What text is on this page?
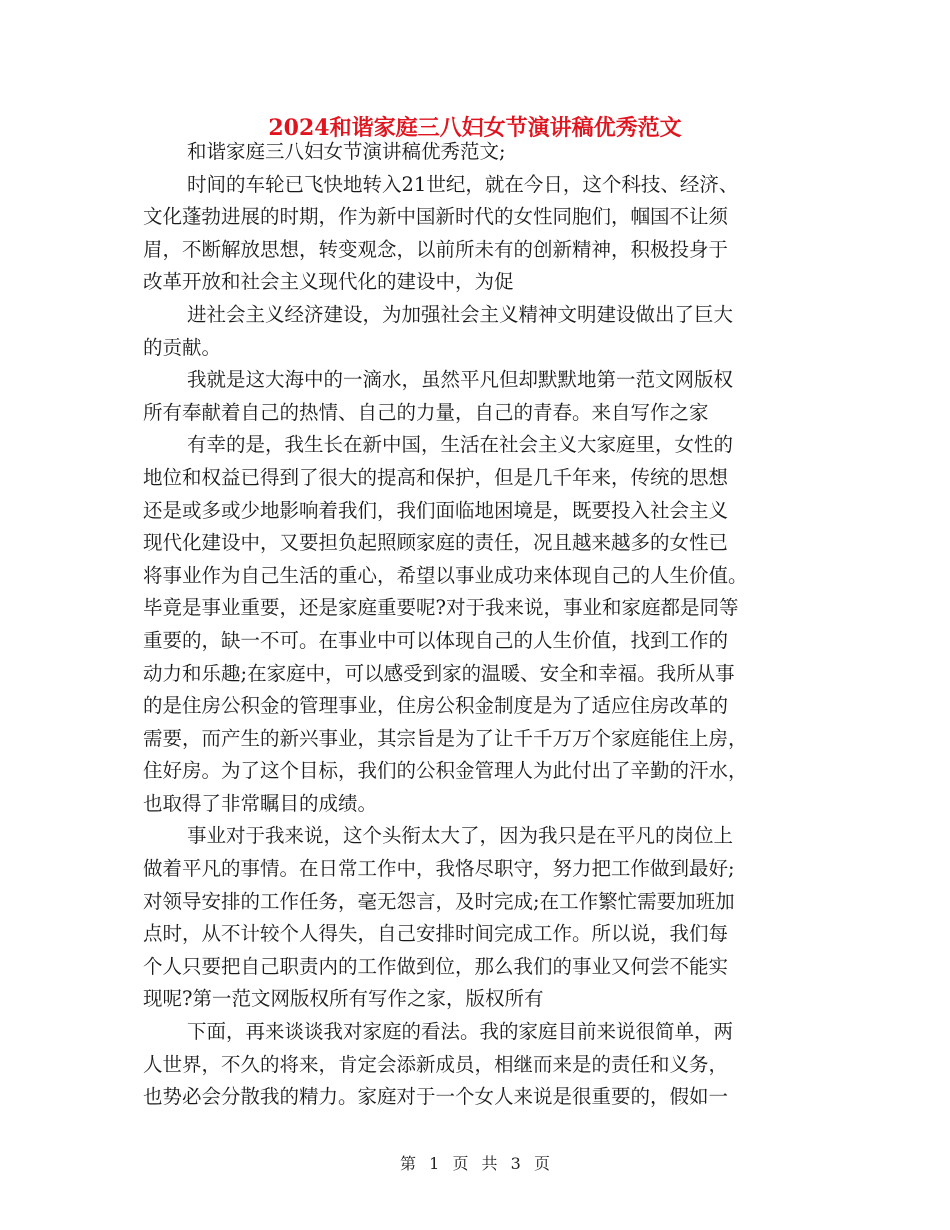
2024和谐家庭三八妇女节演讲稿优秀范文
和谐家庭三八妇女节演讲稿优秀范文;
时间的车轮已飞快地转入21世纪，就在今日，这个科技、经济、
文化蓬勃进展的时期，作为新中国新时代的女性同胞们，帼国不让须
眉，不断解放思想，转变观念，以前所未有的创新精神，积极投身于
改革开放和社会主义现代化的建设中，为促
进社会主义经济建设，为加强社会主义精神文明建设做出了巨大
的贡献。
我就是这大海中的一滴水，虽然平凡但却默默地第一范文网版权
所有奉献着自己的热情、自己的力量，自己的青春。来自写作之家
有幸的是，我生长在新中国，生活在社会主义大家庭里，女性的
地位和权益已得到了很大的提高和保护，但是几千年来，传统的思想
还是或多或少地影响着我们，我们面临地困境是，既要投入社会主义
现代化建设中，又要担负起照顾家庭的责任，况且越来越多的女性已
将事业作为自己生活的重心，希望以事业成功来体现自己的人生价值。
毕竟是事业重要，还是家庭重要呢?对于我来说，事业和家庭都是同等
重要的，缺一不可。在事业中可以体现自己的人生价值，找到工作的
动力和乐趣;在家庭中，可以感受到家的温暖、安全和幸福。我所从事
的是住房公积金的管理事业，住房公积金制度是为了适应住房改革的
需要，而产生的新兴事业，其宗旨是为了让千千万万个家庭能住上房，
住好房。为了这个目标，我们的公积金管理人为此付出了辛勤的汗水，
也取得了非常瞩目的成绩。
事业对于我来说，这个头衔太大了，因为我只是在平凡的岗位上
做着平凡的事情。在日常工作中，我恪尽职守，努力把工作做到最好;
对领导安排的工作任务，毫无怨言，及时完成;在工作繁忙需要加班加
点时，从不计较个人得失，自己安排时间完成工作。所以说，我们每
个人只要把自己职责内的工作做到位，那么我们的事业又何尝不能实
现呢?第一范文网版权所有写作之家，版权所有
下面，再来谈谈我对家庭的看法。我的家庭目前来说很简单，两
人世界，不久的将来，肯定会添新成员，相继而来是的责任和义务，
也势必会分散我的精力。家庭对于一个女人来说是很重要的，假如一
第 1 页 共 3 页
